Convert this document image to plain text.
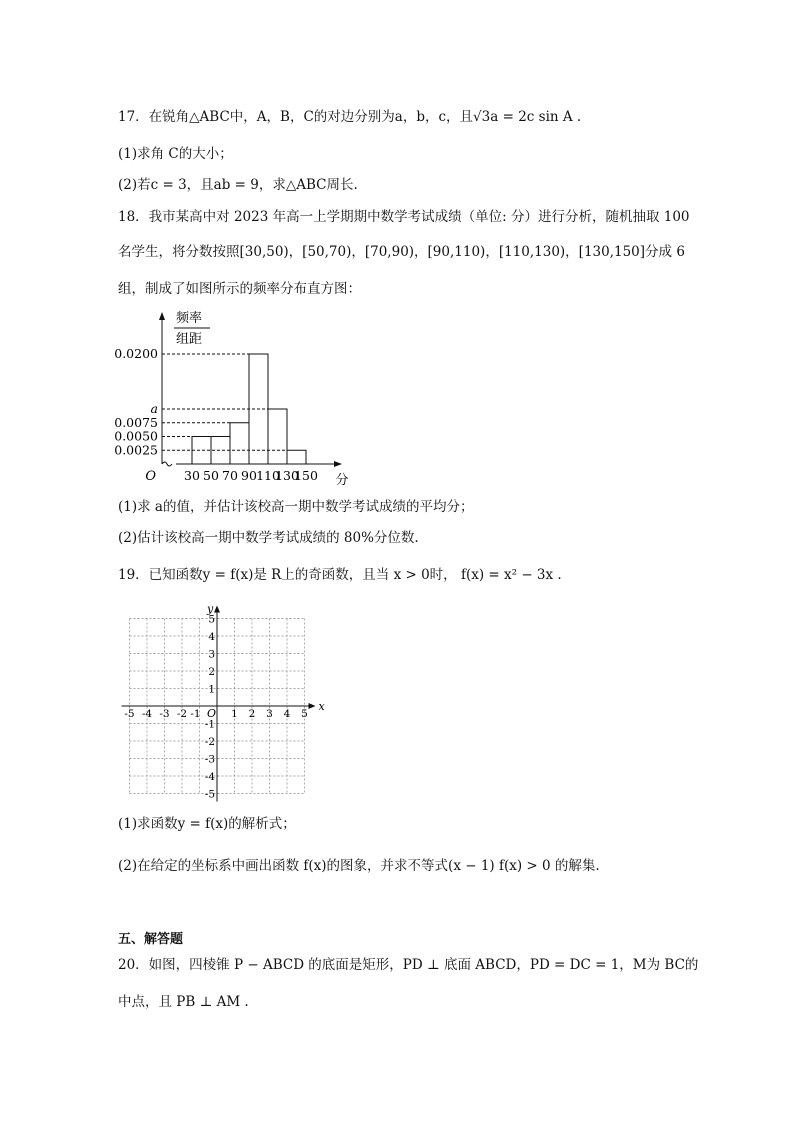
17．在锐角△ABC中，A，B，C的对边分别为a，b，c，且√3a = 2c sin A .
(1)求角 C的大小；
(2)若c = 3，且ab = 9，求△ABC周长.
18．我市某高中对 2023 年高一上学期期中数学考试成绩（单位: 分）进行分析，随机抽取 100
名学生，将分数按照[30,50)，[50,70)，[70,90)，[90,110)，[110,130)，[130,150]分成 6
组，制成了如图所示的频率分布直方图：
频率
组距
O	分
0.0200
a
0.0075
0.0050
0.0025
30 50 70 90 110
130
150
(1)求 a的值，并估计该校高一期中数学考试成绩的平均分；
(2)估计该校高一期中数学考试成绩的 80%分位数.
19．已知函数y = f(x)是 R上的奇函数，且当 x > 0时， f(x) = x² − 3x .
x
y
O
-5 -4 -3 -2 -1	1 2 3 4 5
5
4
3
2
1
-1
-2
-3
-4
-5
(1)求函数y = f(x)的解析式；
(2)在给定的坐标系中画出函数 f(x)的图象，并求不等式(x − 1) f(x) > 0 的解集.
五、解答题
20．如图，四棱锥 P − ABCD 的底面是矩形，PD ⊥ 底面 ABCD，PD = DC = 1，M为 BC的
中点，且 PB ⊥ AM .
